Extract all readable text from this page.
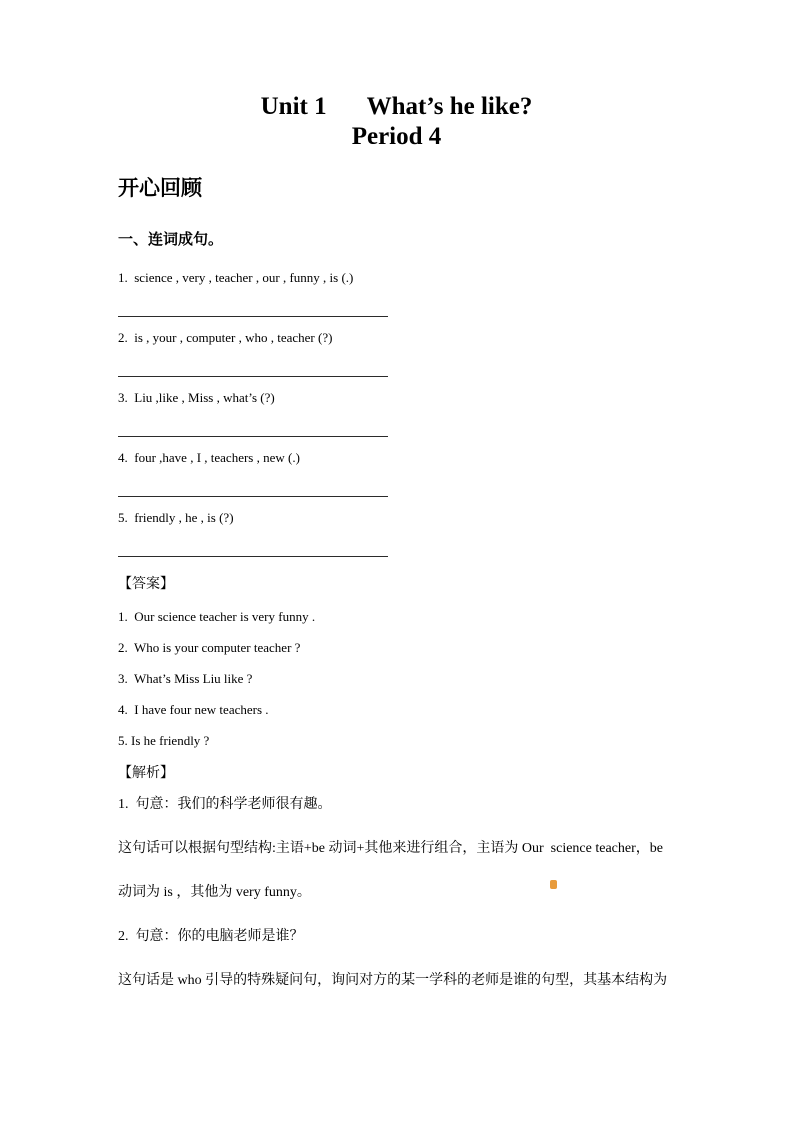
Unit 1 What’s he like?
Period 4
开心回顾
一、连词成句。

1.  science , very , teacher , our , funny , is (.)

2.  is , your , computer , who , teacher (?)

3.  Liu ,like , Miss , what’s (?)

4.  four ,have , I , teachers , new (.)

5.  friendly , he , is (?)

【答案】
1.  Our science teacher is very funny .
2.  Who is your computer teacher ?
3.  What’s Miss Liu like ?
4.  I have four new teachers .
5. Is he friendly ?
【解析】
1.  句意：我们的科学老师很有趣。
这句话可以根据句型结构:主语+be 动词+其他来进行组合，主语为 Our  science teacher，be
动词为 is ，其他为 very funny。
2.  句意：你的电脑老师是谁？
这句话是 who 引导的特殊疑问句，询问对方的某一学科的老师是谁的句型，其基本结构为
